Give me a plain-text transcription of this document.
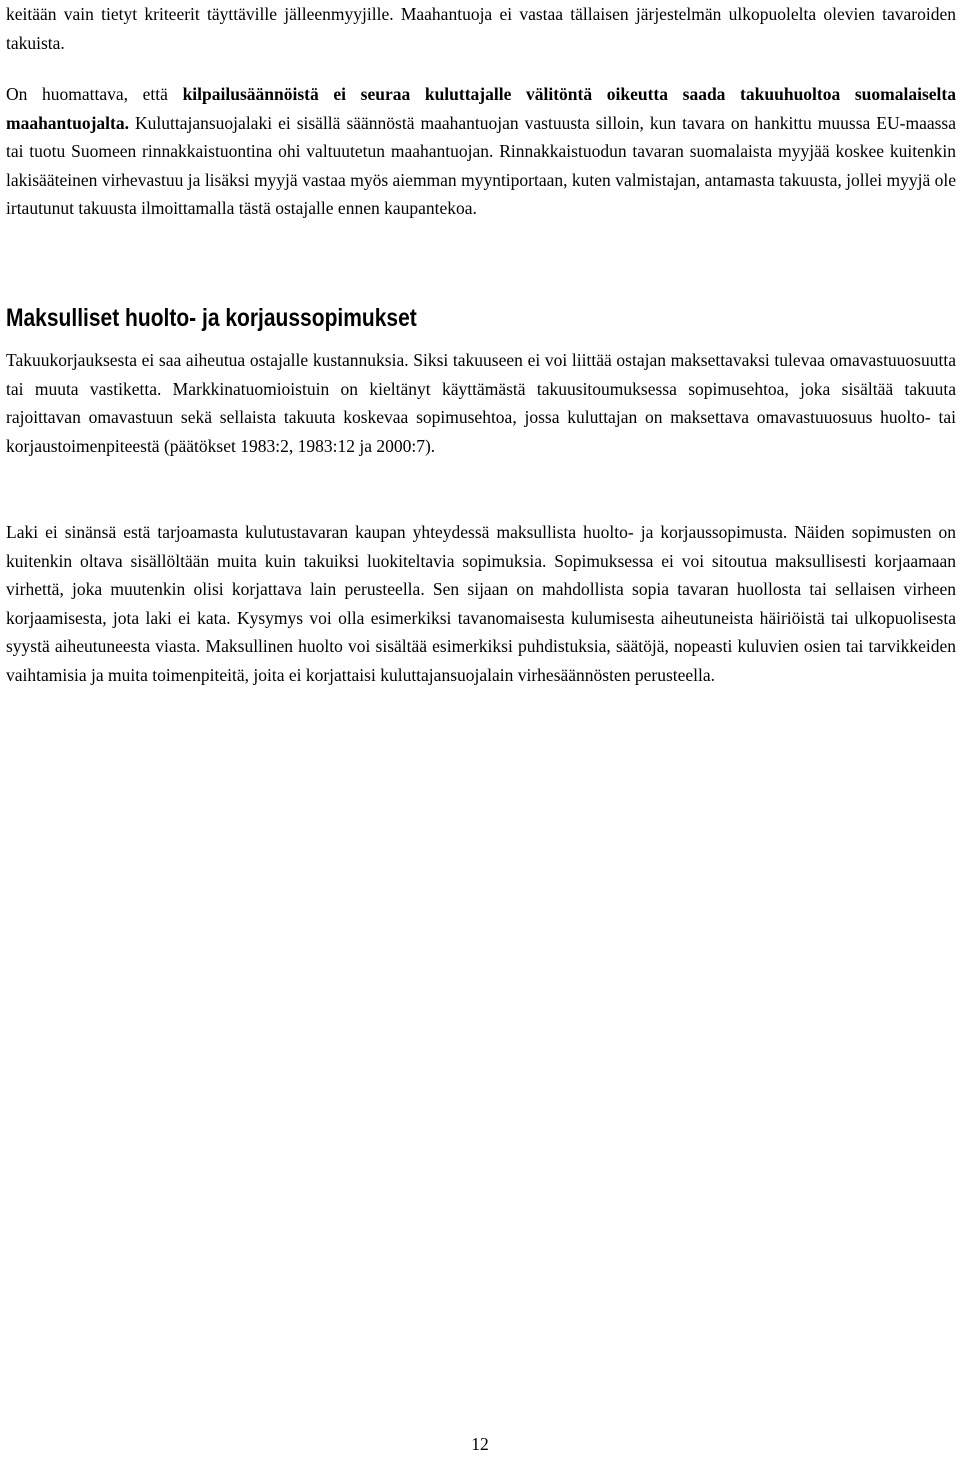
keitään vain tietyt kriteerit täyttäville jälleenmyyjille. Maahantuoja ei vastaa tällaisen järjestelmän ulkopuolelta olevien tavaroiden takuista.

On huomattava, että kilpailusäännöistä ei seuraa kuluttajalle välitöntä oikeutta saada takuuhuoltoa suomalaiselta maahantuojalta. Kuluttajansuojalaki ei sisällä säännöstä maahantuojan vastuusta silloin, kun tavara on hankittu muussa EU-maassa tai tuotu Suomeen rinnakkaistuontina ohi valtuutetun maahantuojan. Rinnakkaistuodun tavaran suomalaista myyjää koskee kuitenkin lakisääteinen virhevastuu ja lisäksi myyjä vastaa myös aiemman myyntiportaan, kuten valmistajan, antamasta takuusta, jollei myyjä ole irtautunut takuusta ilmoittamalla tästä ostajalle ennen kaupantekoa.

Maksulliset huolto- ja korjaussopimukset

Takuukorjauksesta ei saa aiheutua ostajalle kustannuksia. Siksi takuuseen ei voi liittää ostajan maksettavaksi tulevaa omavastuuosuutta tai muuta vastiketta. Markkinatuomioistuin on kieltänyt käyttämästä takuusitoumuksessa sopimusehtoa, joka sisältää takuuta rajoittavan omavastuun sekä sellaista takuuta koskevaa sopimusehtoa, jossa kuluttajan on maksettava omavastuuosuus huolto- tai korjaustoimenpiteestä (päätökset 1983:2, 1983:12 ja 2000:7).

Laki ei sinänsä estä tarjoamasta kulutustavaran kaupan yhteydessä maksullista huolto- ja korjaussopimusta. Näiden sopimusten on kuitenkin oltava sisällöltään muita kuin takuiksi luokiteltavia sopimuksia. Sopimuksessa ei voi sitoutua maksullisesti korjaamaan virhettä, joka muutenkin olisi korjattava lain perusteella. Sen sijaan on mahdollista sopia tavaran huollosta tai sellaisen virheen korjaamisesta, jota laki ei kata. Kysymys voi olla esimerkiksi tavanomaisesta kulumisesta aiheutuneista häiriöistä tai ulkopuolisesta syystä aiheutuneesta viasta. Maksullinen huolto voi sisältää esimerkiksi puhdistuksia, säätöjä, nopeasti kuluvien osien tai tarvikkeiden vaihtamisia ja muita toimenpiteitä, joita ei korjattaisi kuluttajansuojalain virhesäännösten perusteella.

12
